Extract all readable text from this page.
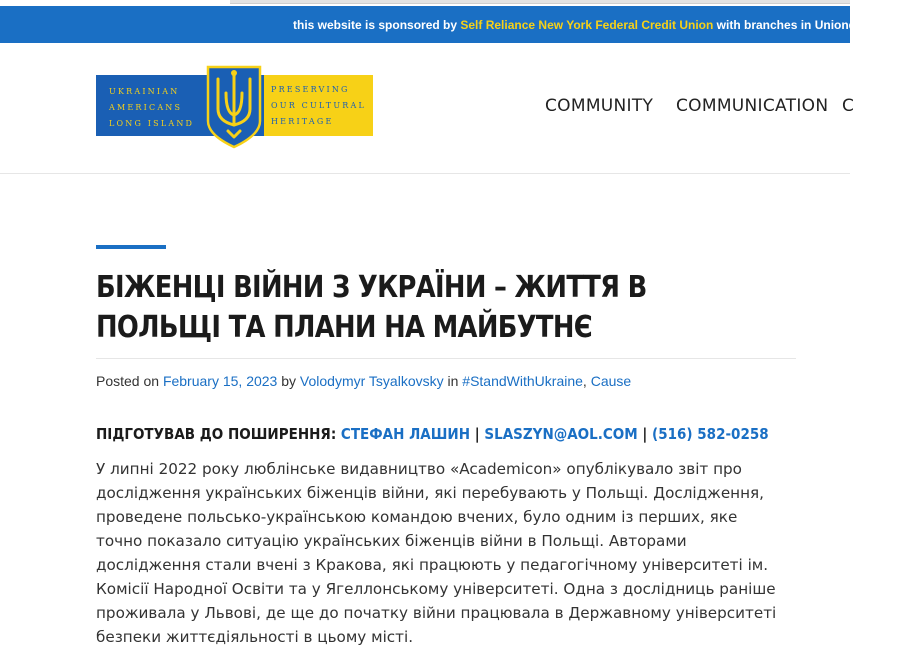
this website is sponsored by Self Reliance New York Federal Credit Union with branches in Uniondale and
UKRAINIAN
AMERICANS
LONG ISLAND
PRESERVING
OUR CULTURAL
HERITAGE
COMMUNITY COMMUNICATION C
БІЖЕНЦІ ВІЙНИ З УКРАЇНИ – ЖИТТЯ В ПОЛЬЩІ ТА ПЛАНИ НА МАЙБУТНЄ
Posted on February 15, 2023 by Volodymyr Tsyalkovsky in #StandWithUkraine, Cause
ПІДГОТУВАВ ДО ПОШИРЕННЯ: СТЕФАН ЛАШИН | SLASZYN@AOL.COM | (516) 582-0258

У липні 2022 року люблінське видавництво «Academicon» опублікувало звіт про дослідження українських біженців війни, які перебувають у Польщі. Дослідження, проведене польсько-українською командою вчених, було одним із перших, яке точно показало ситуацію українських біженців війни в Польщі. Авторами дослідження стали вчені з Кракова, які працюють у педагогічному університеті ім. Комісії Народної Освіти та у Ягеллонському університеті. Одна з дослідниць раніше проживала у Львові, де ще до початку війни працювала в Державному університеті безпеки життєдіяльності в цьому місті.
